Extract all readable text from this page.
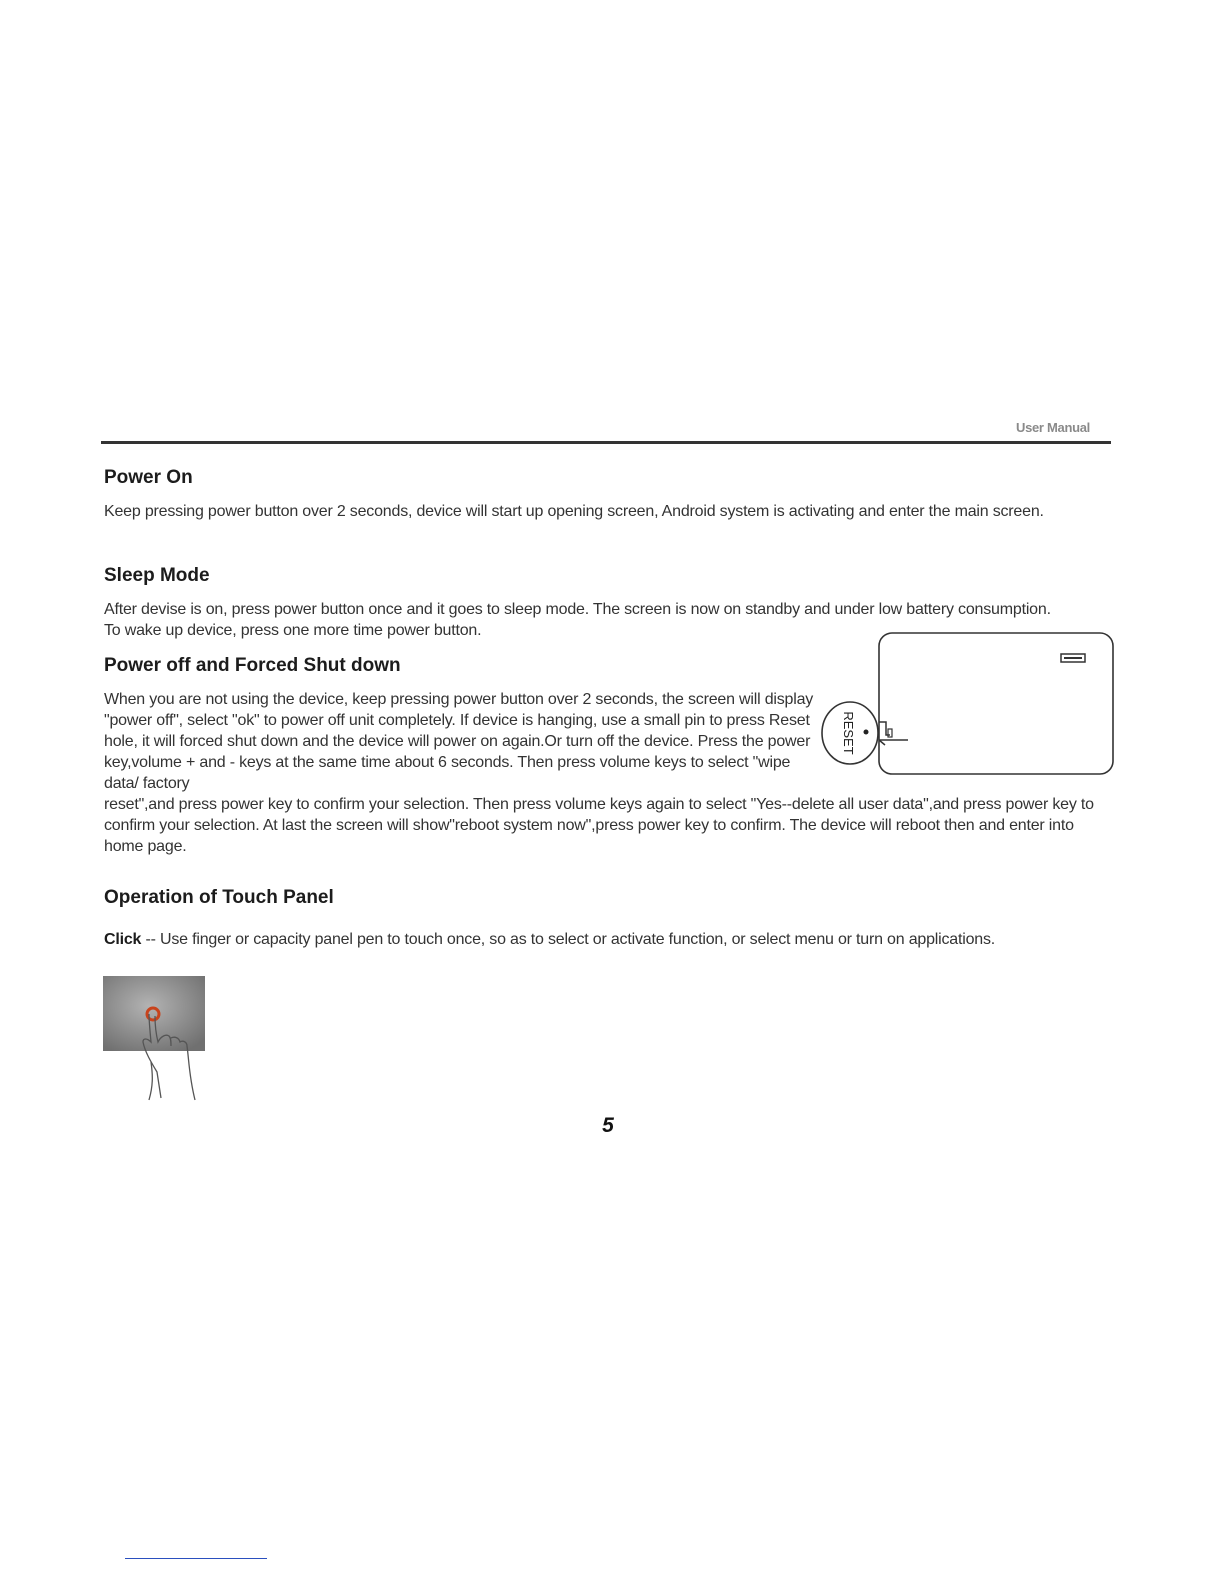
User Manual
Power On

Keep pressing power button over 2 seconds, device will start up opening screen, Android system is activating and enter the main screen.

Sleep Mode

After devise is on, press power button once and it goes to sleep mode. The screen is now on standby and under low battery consumption. To wake up device, press one more time power button.

Power off and Forced Shut down

When you are not using the device, keep pressing power button over 2 seconds, the screen will display "power off", select "ok" to power off unit completely. If device is hanging, use a small pin to press Reset hole, it will forced shut down and the device will power on again.Or turn off the device. Press the power key,volume + and - keys at the same time about 6 seconds. Then press volume keys to select "wipe data/ factory

reset",and press power key to confirm your selection. Then press volume keys again to select "Yes--delete all user data",and press power key to confirm your selection. At last the screen will show"reboot system now",press power key to confirm. The device will reboot then and enter into home page.

Operation of Touch Panel

Click -- Use finger or capacity panel pen to touch once, so as to select or activate function, or select menu or turn on applications.

RESET
5
